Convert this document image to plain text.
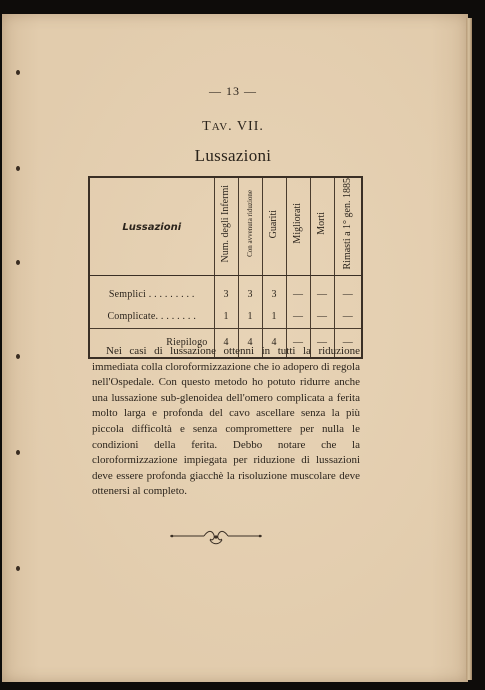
— 13 —
TAV. VII.
Lussazioni
Lussazioni	Num. degli Infermi	Con avvenuta riduzione	Guariti	Migliorati	Morti	Rimasti a 1° gen. 1885

Semplici . . . . . . . . .	3	3	3	—	—	—
Complicate. . . . . . . .	1	1	1	—	—	—
Riepilogo	4	4	4	—	—	—
Nei casi di lussazione ottenni in tutti la riduzione immediata colla cloroformizzazione che io adopero di regola nell'Ospedale. Con questo metodo ho potuto ridurre anche una lussazione sub-glenoidea dell'omero complicata a ferita molto larga e profonda del cavo ascellare senza la più piccola difficoltà e senza compromettere per nulla le condizioni della ferita. Debbo notare che la cloroformizzazione impiegata per riduzione di lussazioni deve essere profonda giacchè la risoluzione muscolare deve ottenersi al completo.
